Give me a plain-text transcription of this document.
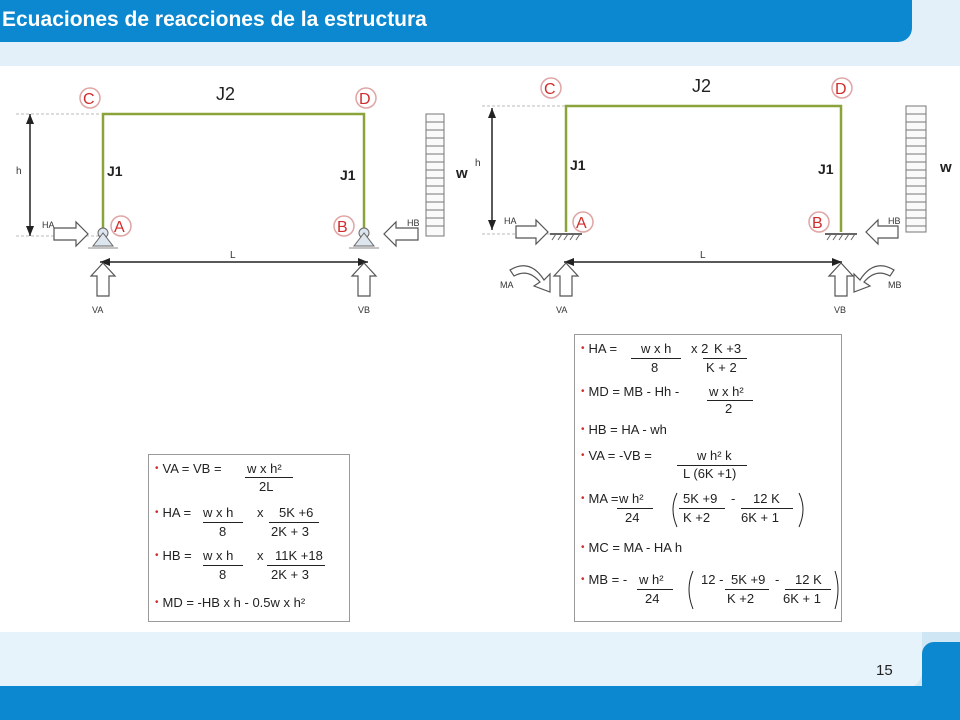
Ecuaciones de reacciones de la estructura
h
J2
J1	J1
C	D
A	B
HA	HB
L
VA	VB
h
J2
J1	J1
C	D
A	B
HA	HB
w
w
L
VA	VB
MA	MB
• HA = w x h x 2 K +3
8	K + 2
• MD = MB - Hh - w x h²
2
• HB = HA - wh
• VA = -VB =	w h² k
L (6K +1)
• MA = w h²	5K +9 - 12 K
24	K +2 6K + 1
• MC = MA - HA h
• MB = - w h²	12 - 5K +9 - 12 K
24	K +2 6K + 1
• VA = VB = w x h²
2L
• HA = w x h x 5K +6
8	2K + 3
• HB = w x h x 11K +18
8	2K + 3
• MD = -HB x h - 0.5w x h²
15
